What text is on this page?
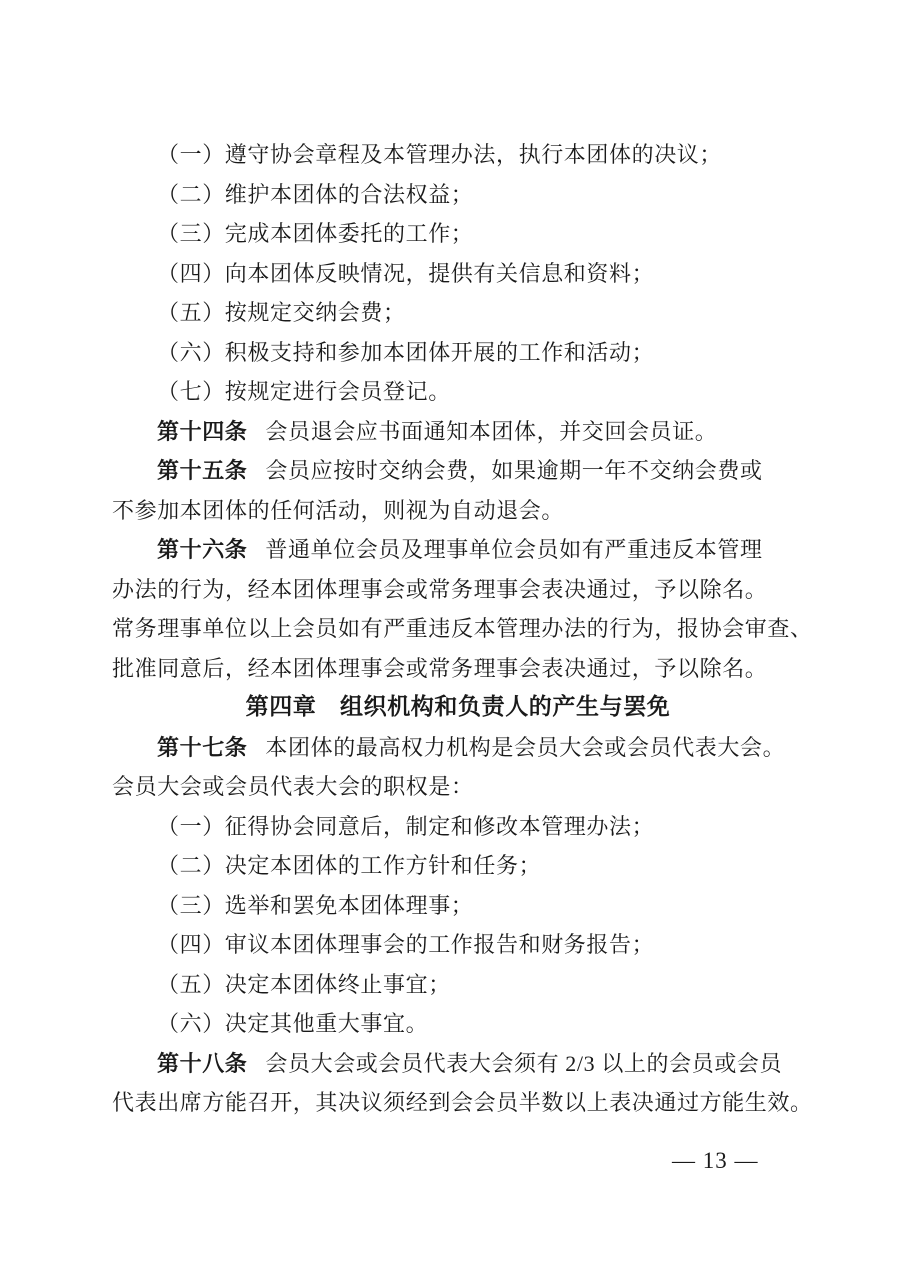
（一）遵守协会章程及本管理办法，执行本团体的决议；
（二）维护本团体的合法权益；
（三）完成本团体委托的工作；
（四）向本团体反映情况，提供有关信息和资料；
（五）按规定交纳会费；
（六）积极支持和参加本团体开展的工作和活动；
（七）按规定进行会员登记。
第十四条 会员退会应书面通知本团体，并交回会员证。
第十五条 会员应按时交纳会费，如果逾期一年不交纳会费或
不参加本团体的任何活动，则视为自动退会。
第十六条 普通单位会员及理事单位会员如有严重违反本管理
办法的行为，经本团体理事会或常务理事会表决通过，予以除名。
常务理事单位以上会员如有严重违反本管理办法的行为，报协会审查、
批准同意后，经本团体理事会或常务理事会表决通过，予以除名。
第四章　组织机构和负责人的产生与罢免
第十七条 本团体的最高权力机构是会员大会或会员代表大会。
会员大会或会员代表大会的职权是：
（一）征得协会同意后，制定和修改本管理办法；
（二）决定本团体的工作方针和任务；
（三）选举和罢免本团体理事；
（四）审议本团体理事会的工作报告和财务报告；
（五）决定本团体终止事宜；
（六）决定其他重大事宜。
第十八条 会员大会或会员代表大会须有 2/3 以上的会员或会员
代表出席方能召开，其决议须经到会会员半数以上表决通过方能生效。
— 13 —
